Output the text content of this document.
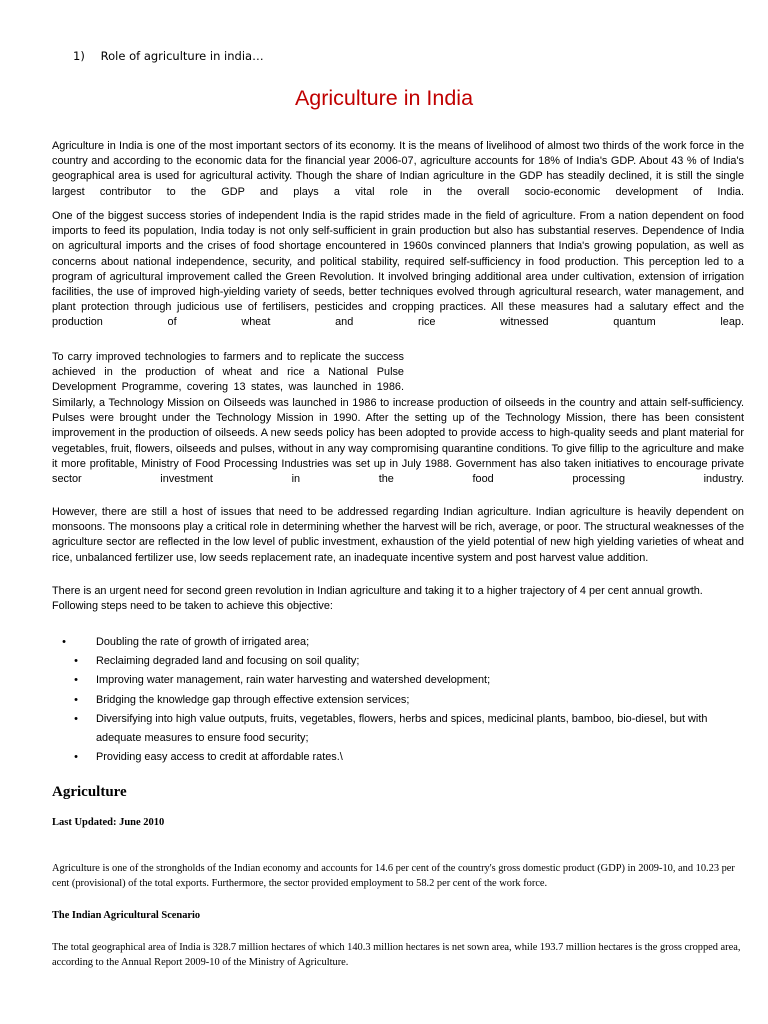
1) Role of agriculture in india…
Agriculture in India
Agriculture in India is one of the most important sectors of its economy. It is the means of livelihood of almost two thirds of the work force in the country and according to the economic data for the financial year 2006-07, agriculture accounts for 18% of India's GDP. About 43 % of India's geographical area is used for agricultural activity. Though the share of Indian agriculture in the GDP has steadily declined, it is still the single largest contributor to the GDP and plays a vital role in the overall socio-economic development of India.
One of the biggest success stories of independent India is the rapid strides made in the field of agriculture. From a nation dependent on food imports to feed its population, India today is not only self-sufficient in grain production but also has substantial reserves. Dependence of India on agricultural imports and the crises of food shortage encountered in 1960s convinced planners that India's growing population, as well as concerns about national independence, security, and political stability, required self-sufficiency in food production. This perception led to a program of agricultural improvement called the Green Revolution. It involved bringing additional area under cultivation, extension of irrigation facilities, the use of improved high-yielding variety of seeds, better techniques evolved through agricultural research, water management, and plant protection through judicious use of fertilisers, pesticides and cropping practices. All these measures had a salutary effect and the production of wheat and rice witnessed quantum leap.
To carry improved technologies to farmers and to replicate the success achieved in the production of wheat and rice a National Pulse Development Programme, covering 13 states, was launched in 1986.
Similarly, a Technology Mission on Oilseeds was launched in 1986 to increase production of oilseeds in the country and attain self-sufficiency. Pulses were brought under the Technology Mission in 1990. After the setting up of the Technology Mission, there has been consistent improvement in the production of oilseeds. A new seeds policy has been adopted to provide access to high-quality seeds and plant material for vegetables, fruit, flowers, oilseeds and pulses, without in any way compromising quarantine conditions. To give fillip to the agriculture and make it more profitable, Ministry of Food Processing Industries was set up in July 1988. Government has also taken initiatives to encourage private sector investment in the food processing industry.
However, there are still a host of issues that need to be addressed regarding Indian agriculture. Indian agriculture is heavily dependent on monsoons. The monsoons play a critical role in determining whether the harvest will be rich, average, or poor. The structural weaknesses of the agriculture sector are reflected in the low level of public investment, exhaustion of the yield potential of new high yielding varieties of wheat and rice, unbalanced fertilizer use, low seeds replacement rate, an inadequate incentive system and post harvest value addition.
There is an urgent need for second green revolution in Indian agriculture and taking it to a higher trajectory of 4 per cent annual growth. Following steps need to be taken to achieve this objective:
•	Doubling the rate of growth of irrigated area;
•	Reclaiming degraded land and focusing on soil quality;
•	Improving water management, rain water harvesting and watershed development;
•	Bridging the knowledge gap through effective extension services;
•	Diversifying into high value outputs, fruits, vegetables, flowers, herbs and spices, medicinal plants, bamboo, bio-diesel, but with adequate measures to ensure food security;
•	Providing easy access to credit at affordable rates.\
Agriculture
Last Updated: June 2010
Agriculture is one of the strongholds of the Indian economy and accounts for 14.6 per cent of the country's gross domestic product (GDP) in 2009-10, and 10.23 per cent (provisional) of the total exports. Furthermore, the sector provided employment to 58.2 per cent of the work force.
The Indian Agricultural Scenario
The total geographical area of India is 328.7 million hectares of which 140.3 million hectares is net sown area, while 193.7 million hectares is the gross cropped area, according to the Annual Report 2009-10 of the Ministry of Agriculture.
